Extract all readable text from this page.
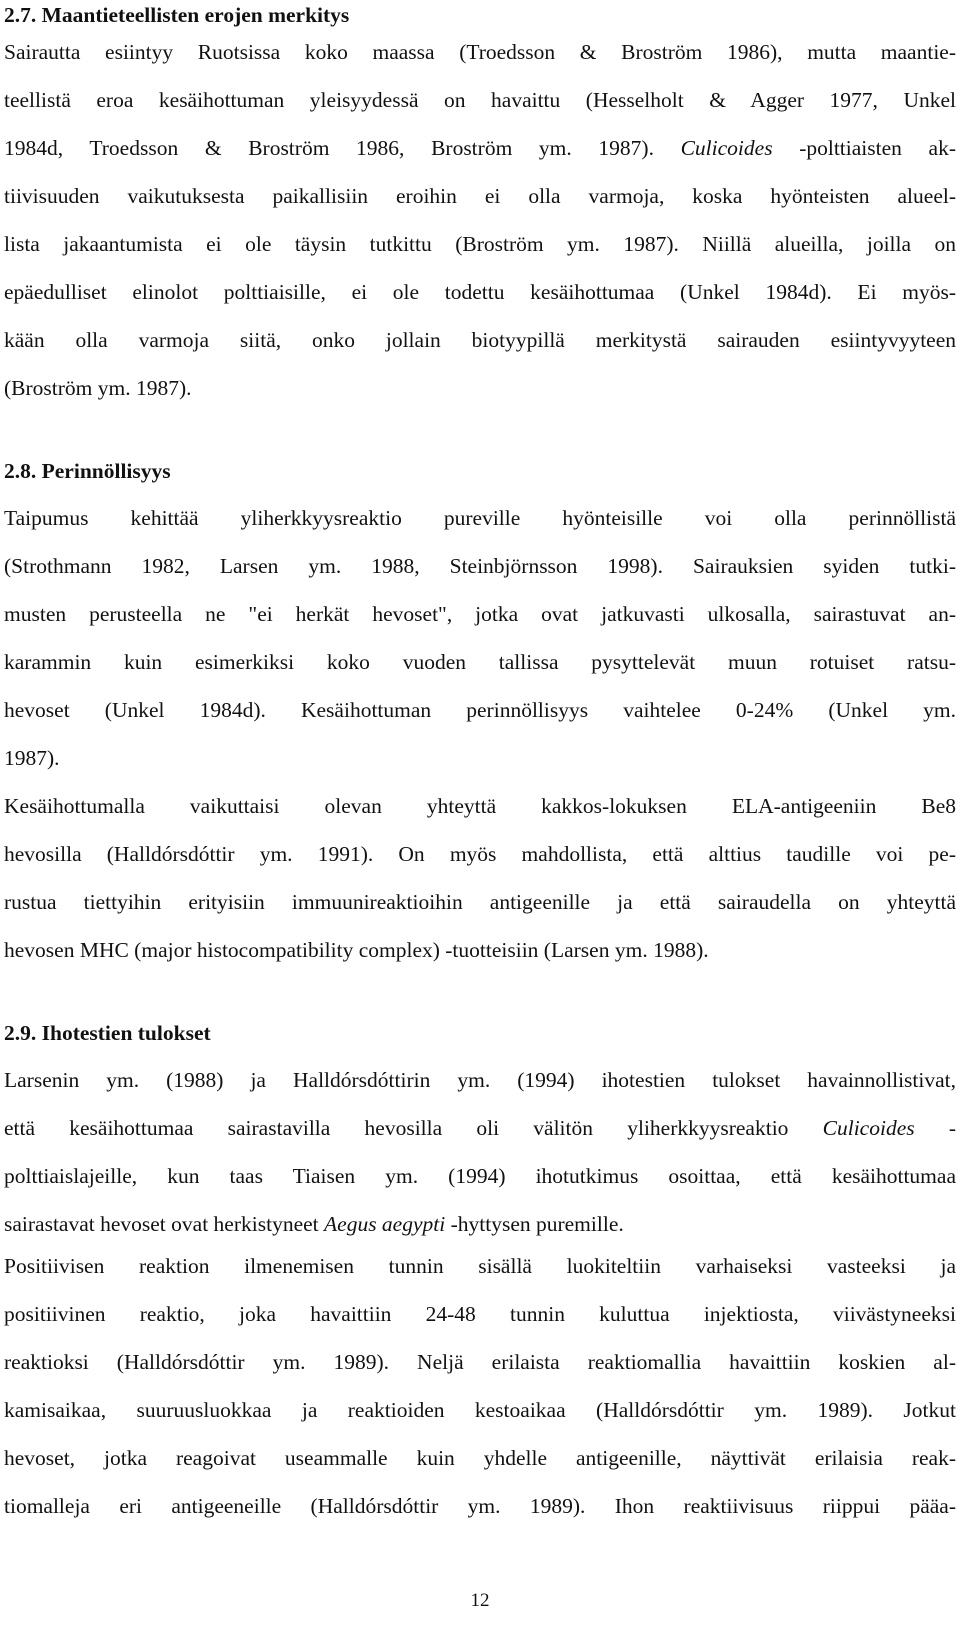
2.7. Maantieteellisten erojen merkitys
Sairautta esiintyy Ruotsissa koko maassa (Troedsson & Broström 1986), mutta maantie-
teellistä eroa kesäihottuman yleisyydessä on havaittu (Hesselholt & Agger 1977, Unkel
1984d, Troedsson & Broström 1986, Broström ym. 1987). Culicoides -polttiaisten ak-
tiivisuuden vaikutuksesta paikallisiin eroihin ei olla varmoja, koska hyönteisten alueel-
lista jakaantumista ei ole täysin tutkittu (Broström ym. 1987). Niillä alueilla, joilla on
epäedulliset elinolot polttiaisille, ei ole todettu kesäihottumaa (Unkel 1984d). Ei myös-
kään olla varmoja siitä, onko jollain biotyypillä merkitystä sairauden esiintyvyyteen
(Broström ym. 1987).
2.8. Perinnöllisyys
Taipumus kehittää yliherkkyysreaktio pureville hyönteisille voi olla perinnöllistä
(Strothmann 1982, Larsen ym. 1988, Steinbjörnsson 1998). Sairauksien syiden tutki-
musten perusteella ne "ei herkät hevoset", jotka ovat jatkuvasti ulkosalla, sairastuvat an-
karammin kuin esimerkiksi koko vuoden tallissa pysyttelevät muun rotuiset ratsu-
hevoset (Unkel 1984d). Kesäihottuman perinnöllisyys vaihtelee 0-24% (Unkel ym.
1987).
Kesäihottumalla vaikuttaisi olevan yhteyttä kakkos-lokuksen ELA-antigeeniin Be8
hevosilla (Halldórsdóttir ym. 1991). On myös mahdollista, että alttius taudille voi pe-
rustua tiettyihin erityisiin immuunireaktioihin antigeenille ja että sairaudella on yhteyttä
hevosen MHC (major histocompatibility complex) -tuotteisiin (Larsen ym. 1988).
2.9. Ihotestien tulokset
Larsenin ym. (1988) ja Halldórsdóttirin ym. (1994) ihotestien tulokset havainnollistivat,
että kesäihottumaa sairastavilla hevosilla oli välitön yliherkkyysreaktio Culicoides -
polttiaislajeille, kun taas Tiaisen ym. (1994) ihotutkimus osoittaa, että kesäihottumaa
sairastavat hevoset ovat herkistyneet Aegus aegypti -hyttysen puremille.
Positiivisen reaktion ilmenemisen tunnin sisällä luokiteltiin varhaiseksi vasteeksi ja
positiivinen reaktio, joka havaittiin 24-48 tunnin kuluttua injektiosta, viivästyneeksi
reaktioksi (Halldórsdóttir ym. 1989). Neljä erilaista reaktiomallia havaittiin koskien al-
kamisaikaa, suuruusluokkaa ja reaktioiden kestoaikaa (Halldórsdóttir ym. 1989). Jotkut
hevoset, jotka reagoivat useammalle kuin yhdelle antigeenille, näyttivät erilaisia reak-
tiomalleja eri antigeeneille (Halldórsdóttir ym. 1989). Ihon reaktiivisuus riippui pääa-
12
